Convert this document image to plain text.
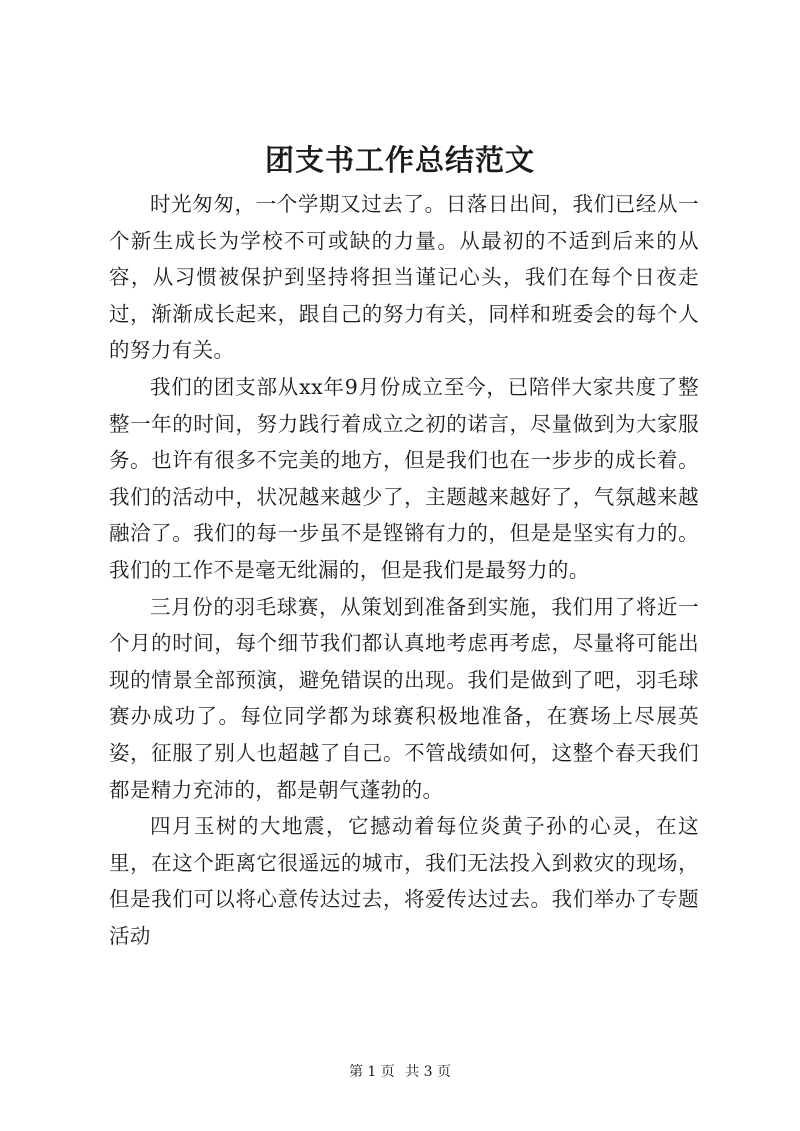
团支书工作总结范文

时光匆匆，一个学期又过去了。日落日出间，我们已经从一个新生成长为学校不可或缺的力量。从最初的不适到后来的从容，从习惯被保护到坚持将担当谨记心头，我们在每个日夜走过，渐渐成长起来，跟自己的努力有关，同样和班委会的每个人的努力有关。

我们的团支部从xx年9月份成立至今，已陪伴大家共度了整整一年的时间，努力践行着成立之初的诺言，尽量做到为大家服务。也许有很多不完美的地方，但是我们也在一步步的成长着。我们的活动中，状况越来越少了，主题越来越好了，气氛越来越融洽了。我们的每一步虽不是铿锵有力的，但是是坚实有力的。我们的工作不是毫无纰漏的，但是我们是最努力的。

三月份的羽毛球赛，从策划到准备到实施，我们用了将近一个月的时间，每个细节我们都认真地考虑再考虑，尽量将可能出现的情景全部预演，避免错误的出现。我们是做到了吧，羽毛球赛办成功了。每位同学都为球赛积极地准备，在赛场上尽展英姿，征服了别人也超越了自己。不管战绩如何，这整个春天我们都是精力充沛的，都是朝气蓬勃的。

四月玉树的大地震，它撼动着每位炎黄子孙的心灵，在这里，在这个距离它很遥远的城市，我们无法投入到救灾的现场，但是我们可以将心意传达过去，将爱传达过去。我们举办了专题活动

第 1 页 共 3 页
